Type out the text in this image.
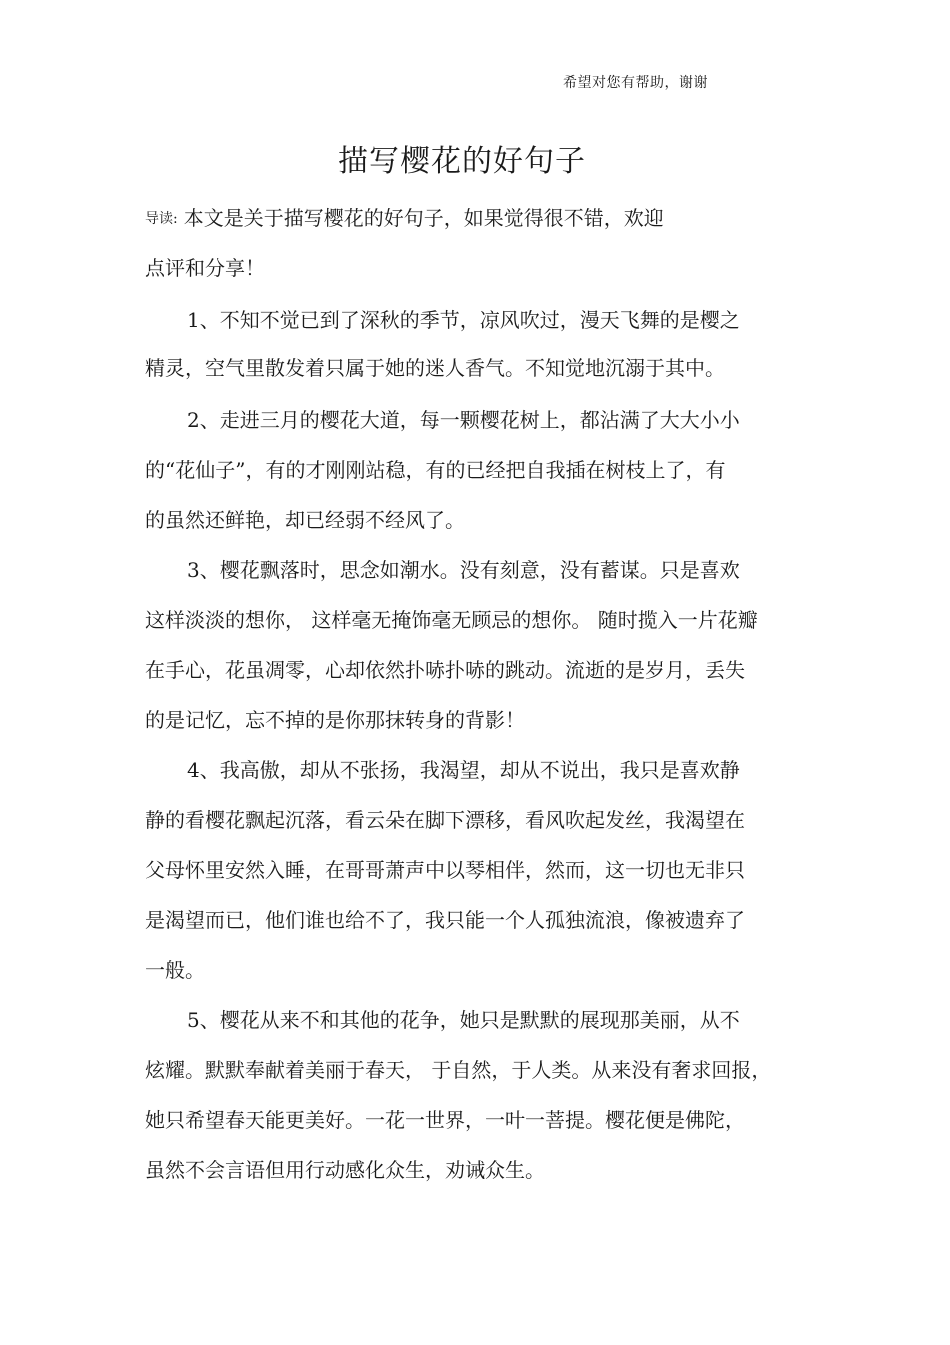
希望对您有帮助，谢谢
描写樱花的好句子
导读: 本文是关于描写樱花的好句子，如果觉得很不错，欢迎
点评和分享！
1、不知不觉已到了深秋的季节，凉风吹过，漫天飞舞的是樱之
精灵，空气里散发着只属于她的迷人香气。不知觉地沉溺于其中。
2、走进三月的樱花大道，每一颗樱花树上，都沾满了大大小小
的“花仙子”，有的才刚刚站稳，有的已经把自我插在树枝上了，有
的虽然还鲜艳，却已经弱不经风了。
3、樱花飘落时，思念如潮水。没有刻意，没有蓄谋。只是喜欢
这样淡淡的想你， 这样毫无掩饰毫无顾忌的想你。 随时揽入一片花瓣
在手心，花虽凋零，心却依然扑哧扑哧的跳动。流逝的是岁月，丢失
的是记忆，忘不掉的是你那抹转身的背影！
4、我高傲，却从不张扬，我渴望，却从不说出，我只是喜欢静
静的看樱花飘起沉落，看云朵在脚下漂移，看风吹起发丝，我渴望在
父母怀里安然入睡，在哥哥萧声中以琴相伴，然而，这一切也无非只
是渴望而已，他们谁也给不了，我只能一个人孤独流浪，像被遗弃了
一般。
5、樱花从来不和其他的花争，她只是默默的展现那美丽，从不
炫耀。默默奉献着美丽于春天， 于自然，于人类。从来没有奢求回报，
她只希望春天能更美好。一花一世界，一叶一菩提。樱花便是佛陀，
虽然不会言语但用行动感化众生，劝诫众生。
